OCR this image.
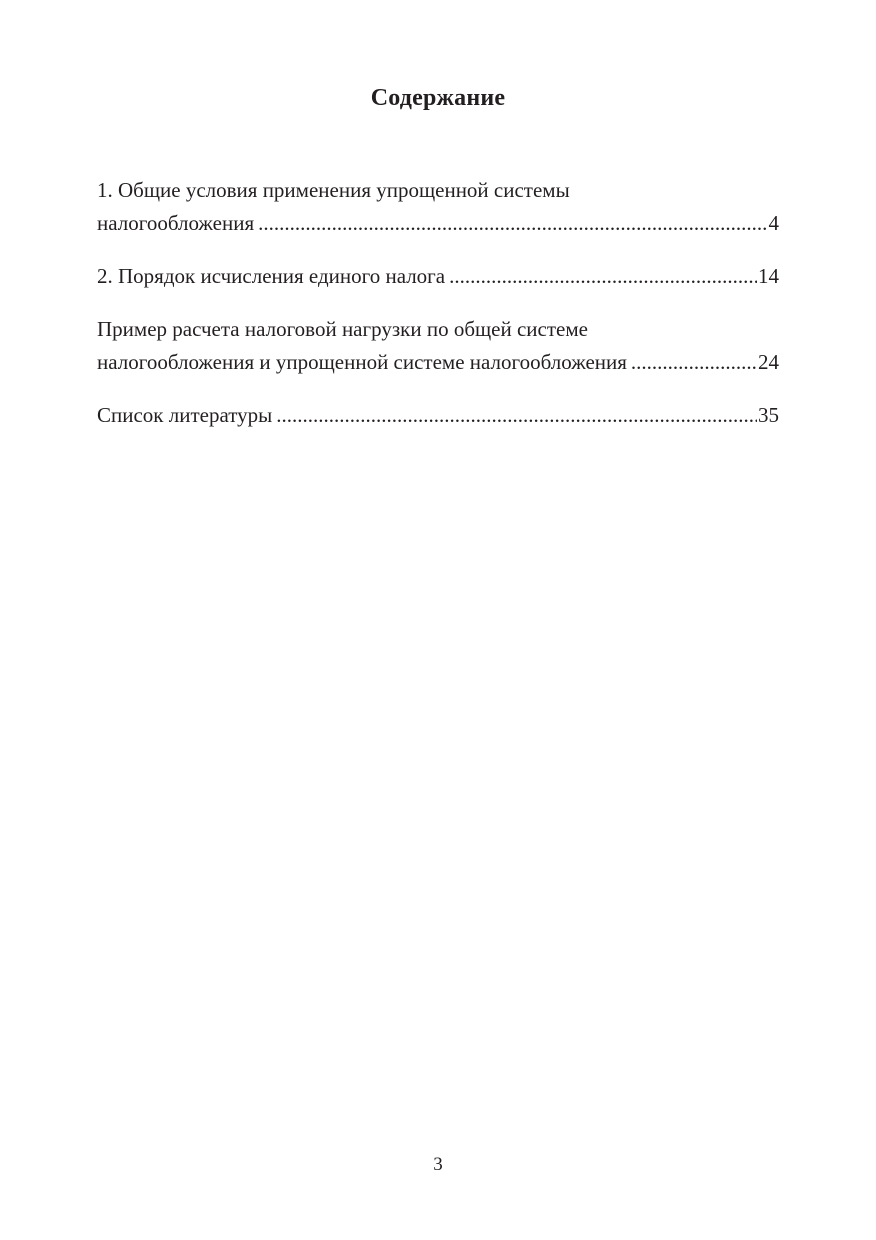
Содержание
1. Общие условия применения упрощенной системы
налогообложения .....	4
2. Порядок исчисления единого налога .....	14
Пример расчета налоговой нагрузки по общей системе
налогообложения и упрощенной системе налогообложения .....	24
Список литературы .....	35
3
